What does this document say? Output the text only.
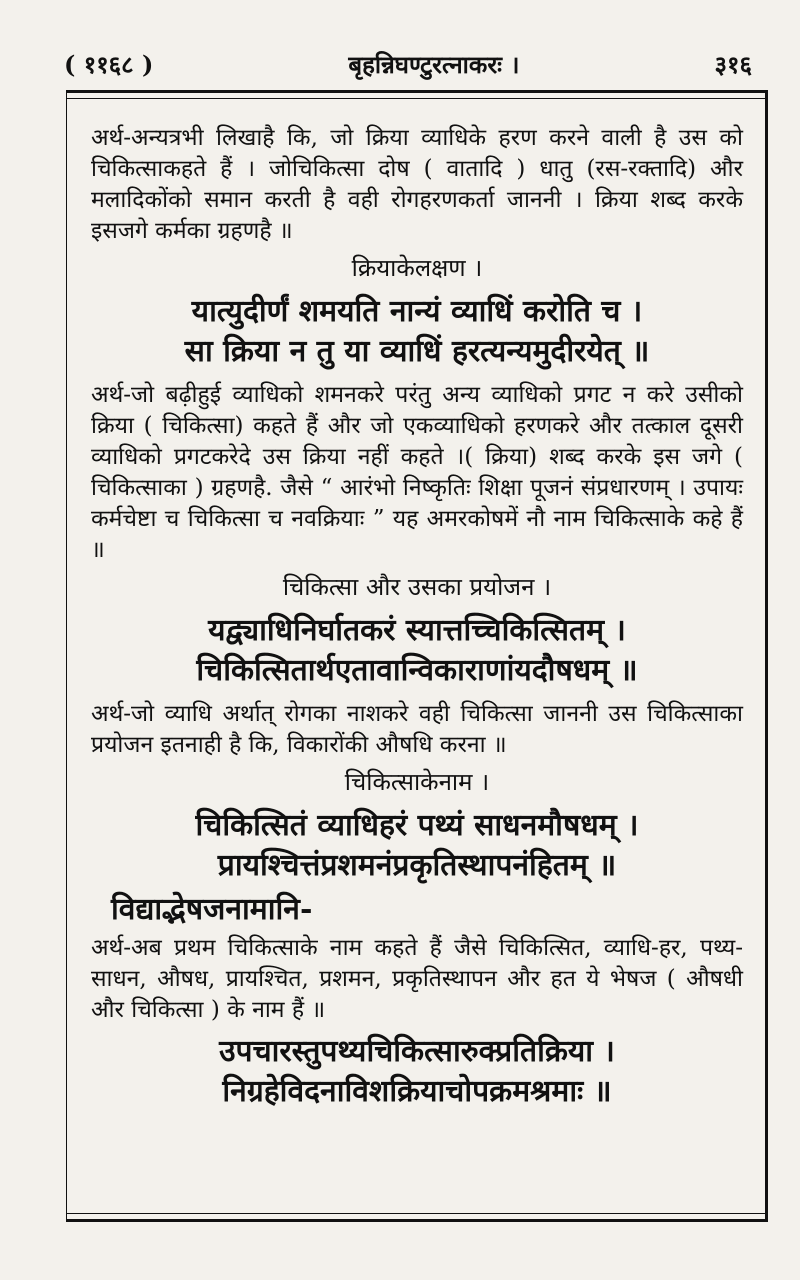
( ११६८ )	बृहन्निघण्टुरत्नाकरः ।	३१६

अर्थ-अन्यत्रभी लिखाहै कि, जो क्रिया व्याधिके हरण करने वाली है उस को चिकित्साकहते हैं । जोचिकित्सा दोष ( वातादि ) धातु (रस-रक्तादि) और मलादिकोंको समान करती है वही रोगहरणकर्ता जाननी । क्रिया शब्द करके इसजगे कर्मका ग्रहणहै ॥

क्रियाकेलक्षण ।
यात्युदीर्णं शमयति नान्यं व्याधिं करोति च ।
सा क्रिया न तु या व्याधिं हरत्यन्यमुदीरयेत् ॥

अर्थ-जो बढ़ीहुई व्याधिको शमनकरे परंतु अन्य व्याधिको प्रगट न करे उसीको क्रिया ( चिकित्सा) कहते हैं और जो एकव्याधिको हरणकरे और तत्काल दूसरी व्याधिको प्रगटकरेदे उस क्रिया नहीं कहते ।( क्रिया) शब्द करके इस जगे ( चिकित्साका ) ग्रहणहै. जैसे “ आरंभो निष्कृतिः शिक्षा पूजनं संप्रधारणम् । उपायः कर्मचेष्टा च चिकित्सा च नवक्रियाः ” यह अमरकोषमें नौ नाम चिकित्साके कहे हैं ॥

चिकित्सा और उसका प्रयोजन ।
यद्व्याधिनिर्घातकरं स्यात्तच्चिकित्सितम् ।
चिकित्सितार्थएतावान्विकाराणांयदौषधम् ॥

अर्थ-जो व्याधि अर्थात् रोगका नाशकरे वही चिकित्सा जाननी उस चिकित्साका प्रयोजन इतनाही है कि, विकारोंकी औषधि करना ॥

चिकित्साकेनाम ।
चिकित्सितं व्याधिहरं पथ्यं साधनमौषधम् ।
प्रायश्चित्तंप्रशमनंप्रकृतिस्थापनंहितम् ॥
विद्याद्भेषजनामानि-

अर्थ-अब प्रथम चिकित्साके नाम कहते हैं जैसे चिकित्सित, व्याधि-हर, पथ्य- साधन, औषध, प्रायश्चित, प्रशमन, प्रकृतिस्थापन और हत ये भेषज ( औषधी और चिकित्सा ) के नाम हैं ॥

उपचारस्तुपथ्यचिकित्सारुक्प्रतिक्रिया ।
निग्रहेविदनाविशक्रियाचोपक्रमश्रमाः ॥
